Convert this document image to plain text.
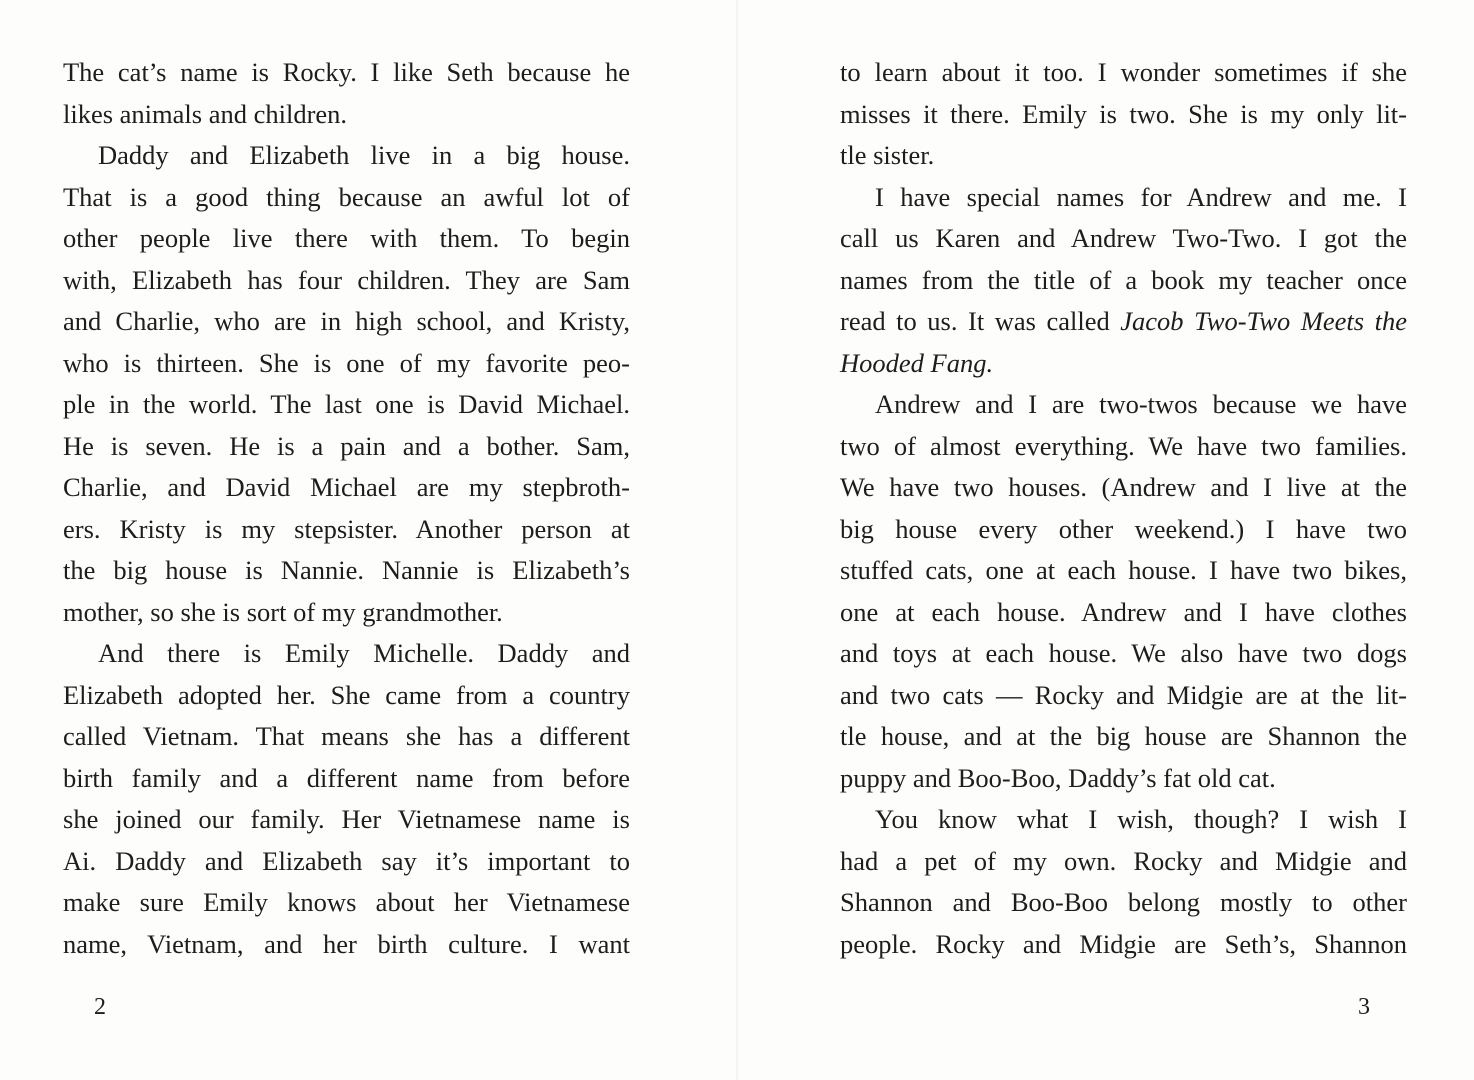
The cat’s name is Rocky. I like Seth because he
likes animals and children.
Daddy and Elizabeth live in a big house.
That is a good thing because an awful lot of
other people live there with them. To begin
with, Elizabeth has four children. They are Sam
and Charlie, who are in high school, and Kristy,
who is thirteen. She is one of my favorite peo-
ple in the world. The last one is David Michael.
He is seven. He is a pain and a bother. Sam,
Charlie, and David Michael are my stepbroth-
ers. Kristy is my stepsister. Another person at
the big house is Nannie. Nannie is Elizabeth’s
mother, so she is sort of my grandmother.
And there is Emily Michelle. Daddy and
Elizabeth adopted her. She came from a country
called Vietnam. That means she has a different
birth family and a different name from before
she joined our family. Her Vietnamese name is
Ai. Daddy and Elizabeth say it’s important to
make sure Emily knows about her Vietnamese
name, Vietnam, and her birth culture. I want
to learn about it too. I wonder sometimes if she
misses it there. Emily is two. She is my only lit-
tle sister.
I have special names for Andrew and me. I
call us Karen and Andrew Two-Two. I got the
names from the title of a book my teacher once
read to us. It was called Jacob Two-Two Meets the
Hooded Fang.
Andrew and I are two-twos because we have
two of almost everything. We have two families.
We have two houses. (Andrew and I live at the
big house every other weekend.) I have two
stuffed cats, one at each house. I have two bikes,
one at each house. Andrew and I have clothes
and toys at each house. We also have two dogs
and two cats — Rocky and Midgie are at the lit-
tle house, and at the big house are Shannon the
puppy and Boo-Boo, Daddy’s fat old cat.
You know what I wish, though? I wish I
had a pet of my own. Rocky and Midgie and
Shannon and Boo-Boo belong mostly to other
people. Rocky and Midgie are Seth’s, Shannon
2	3
